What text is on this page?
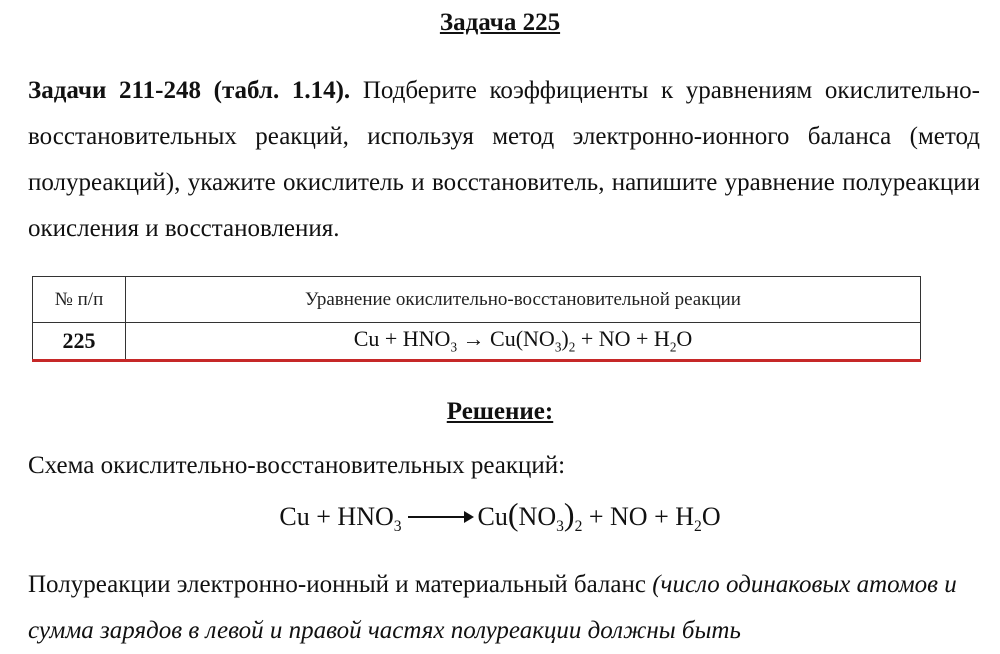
Задача 225

Задачи 211-248 (табл. 1.14). Подберите коэффициенты к уравнениям окислительно-восстановительных реакций, используя метод электронно-ионного баланса (метод полуреакций), укажите окислитель и восстановитель, напишите уравнение полуреакции окисления и восстановления.

№ п/п	Уравнение окислительно-восстановительной реакции
225	$Cu + HNO_3 \to Cu(NO_3)_2$ + NO + $H_2O$
Решение:

Схема окислительно-восстановительных реакций:

$Cu + HNO_3 \to Cu(NO_3)_2$ + NO + $H_2O$

Полуреакции электронно-ионный и материальный баланс (число одинаковых атомов и сумма зарядов в левой и правой частях полуреакции должны быть
